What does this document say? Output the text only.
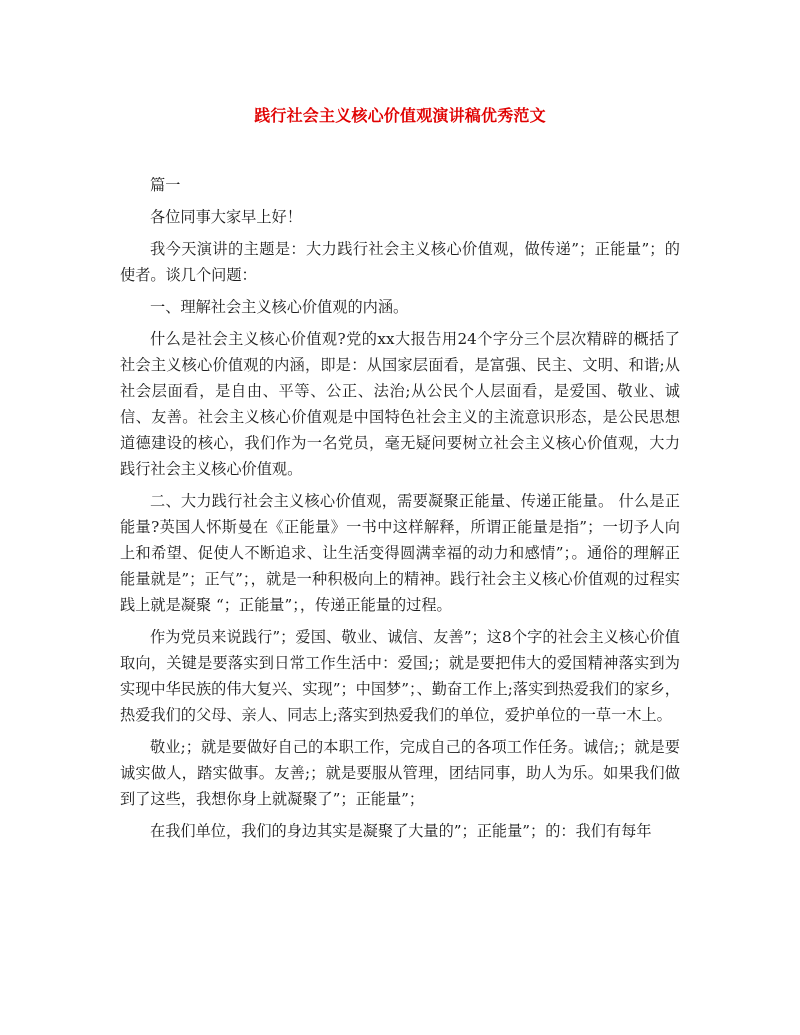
践行社会主义核心价值观演讲稿优秀范文

篇一

各位同事大家早上好！

我今天演讲的主题是：大力践行社会主义核心价值观，做传递”；正能量”；的使者。谈几个问题：

一、理解社会主义核心价值观的内涵。

什么是社会主义核心价值观?党的xx大报告用24个字分三个层次精辟的概括了社会主义核心价值观的内涵，即是：从国家层面看，是富强、民主、文明、和谐;从社会层面看，是自由、平等、公正、法治;从公民个人层面看，是爱国、敬业、诚信、友善。社会主义核心价值观是中国特色社会主义的主流意识形态，是公民思想道德建设的核心，我们作为一名党员，毫无疑问要树立社会主义核心价值观，大力践行社会主义核心价值观。

二、大力践行社会主义核心价值观，需要凝聚正能量、传递正能量。 什么是正能量?英国人怀斯曼在《正能量》一书中这样解释，所谓正能量是指”；一切予人向上和希望、促使人不断追求、让生活变得圆满幸福的动力和感情”；。通俗的理解正能量就是”；正气”；，就是一种积极向上的精神。践行社会主义核心价值观的过程实践上就是凝聚 “；正能量”；，传递正能量的过程。

作为党员来说践行”；爱国、敬业、诚信、友善”；这8个字的社会主义核心价值取向，关键是要落实到日常工作生活中：爱国;；就是要把伟大的爱国精神落实到为实现中华民族的伟大复兴、实现”；中国梦”；、勤奋工作上;落实到热爱我们的家乡，热爱我们的父母、亲人、同志上;落实到热爱我们的单位，爱护单位的一草一木上。

敬业;；就是要做好自己的本职工作，完成自己的各项工作任务。诚信;；就是要诚实做人，踏实做事。友善;；就是要服从管理，团结同事，助人为乐。如果我们做到了这些，我想你身上就凝聚了”；正能量”；

在我们单位，我们的身边其实是凝聚了大量的”；正能量”；的：我们有每年
